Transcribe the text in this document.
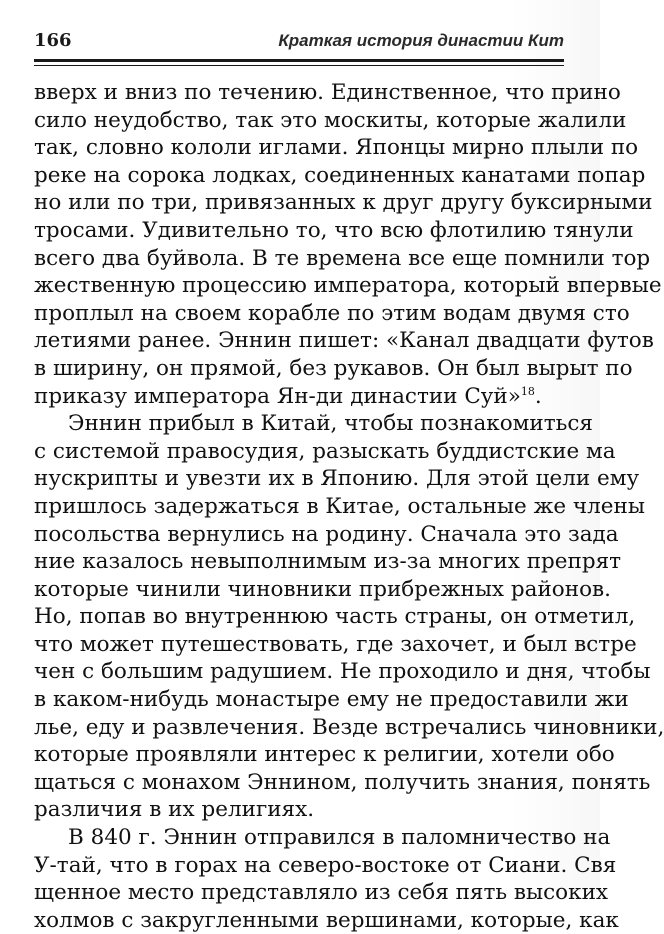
166	Краткая история династии Кит
вверх и вниз по течению. Единственное, что прино
сило неудобство, так это москиты, которые жалили
так, словно кололи иглами. Японцы мирно плыли по
реке на сорока лодках, соединенных канатами попар
но или по три, привязанных к друг другу буксирными
тросами. Удивительно то, что всю флотилию тянули
всего два буйвола. В те времена все еще помнили тор
жественную процессию императора, который впервые
проплыл на своем корабле по этим водам двумя сто
летиями ранее. Эннин пишет: «Канал двадцати футов
в ширину, он прямой, без рукавов. Он был вырыт по
приказу императора Ян-ди династии Суй»$^{18}$.
Эннин прибыл в Китай, чтобы познакомиться
с системой правосудия, разыскать буддистские ма
нускрипты и увезти их в Японию. Для этой цели ему
пришлось задержаться в Китае, остальные же члены
посольства вернулись на родину. Сначала это зада
ние казалось невыполнимым из-за многих препрят
которые чинили чиновники прибрежных районов.
Но, попав во внутреннюю часть страны, он отметил,
что может путешествовать, где захочет, и был встре
чен с большим радушием. Не проходило и дня, чтобы
в каком-нибудь монастыре ему не предоставили жи
лье, еду и развлечения. Везде встречались чиновники,
которые проявляли интерес к религии, хотели обо
щаться с монахом Эннином, получить знания, понять
различия в их религиях.
В 840 г. Эннин отправился в паломничество на
У-тай, что в горах на северо-востоке от Сиани. Свя
щенное место представляло из себя пять высоких
холмов с закругленными вершинами, которые, как
